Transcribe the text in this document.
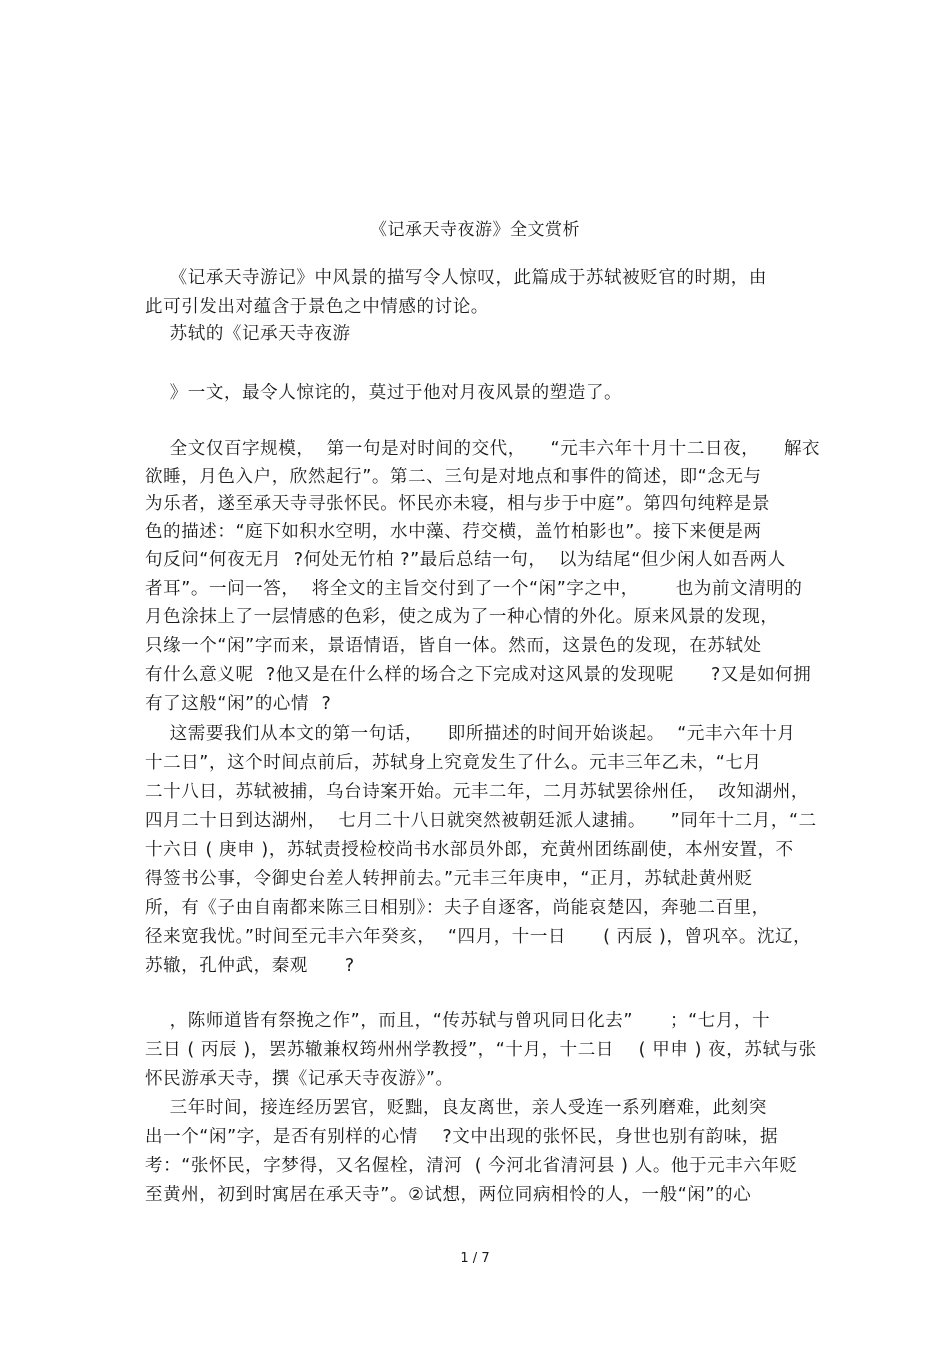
《记承天寺夜游》全文赏析
《记承天寺游记》中风景的描写令人惊叹，此篇成于苏轼被贬官的时期，由
此可引发出对蕴含于景色之中情感的讨论。
苏轼的《记承天寺夜游
》一文，最令人惊诧的，莫过于他对月夜风景的塑造了。
全文仅百字规模，  第一句是对时间的交代，    “元丰六年十月十二日夜，    解衣
欲睡，月色入户，欣然起行”。第二、三句是对地点和事件的简述，即“念无与
为乐者，遂至承天寺寻张怀民。怀民亦未寝，相与步于中庭”。第四句纯粹是景
色的描述：“庭下如积水空明，水中藻、荇交横，盖竹柏影也”。接下来便是两
句反问“何夜无月  ?何处无竹柏 ?”最后总结一句，  以为结尾“但少闲人如吾两人
者耳”。一问一答，  将全文的主旨交付到了一个“闲”字之中，      也为前文清明的
月色涂抹上了一层情感的色彩，使之成为了一种心情的外化。原来风景的发现，
只缘一个“闲”字而来，景语情语，皆自一体。然而，这景色的发现，在苏轼处
有什么意义呢  ?他又是在什么样的场合之下完成对这风景的发现呢      ?又是如何拥
有了这般“闲”的心情  ?
这需要我们从本文的第一句话，    即所描述的时间开始谈起。  “元丰六年十月
十二日”，这个时间点前后，苏轼身上究竟发生了什么。元丰三年乙未，“七月
二十八日，苏轼被捕，乌台诗案开始。元丰二年，二月苏轼罢徐州任，  改知湖州，
四月二十日到达湖州，  七月二十八日就突然被朝廷派人逮捕。    ”同年十二月，“二
十六日 ( 庚申 )，苏轼责授检校尚书水部员外郎，充黄州团练副使，本州安置，不
得签书公事，令御史台差人转押前去。”元丰三年庚申，“正月，苏轼赴黄州贬
所，有《子由自南都来陈三日相别》：夫子自逐客，尚能哀楚囚，奔驰二百里，
径来宽我忧。”时间至元丰六年癸亥，  “四月，十一日      ( 丙辰 )，曾巩卒。沈辽，
苏辙，孔仲武，秦观      ?
，陈师道皆有祭挽之作”，而且，“传苏轼与曾巩同日化去”      ；“七月，十
三日 ( 丙辰 )，罢苏辙兼权筠州州学教授”，“十月，十二日    ( 甲申 ) 夜，苏轼与张
怀民游承天寺，撰《记承天寺夜游》”。
三年时间，接连经历罢官，贬黜，良友离世，亲人受连一系列磨难，此刻突
出一个“闲”字，是否有别样的心情    ?文中出现的张怀民，身世也别有韵味，据
考：“张怀民，字梦得，又名偓栓，清河  ( 今河北省清河县 ) 人。他于元丰六年贬
至黄州，初到时寓居在承天寺”。②试想，两位同病相怜的人，一般“闲”的心
1 / 7
